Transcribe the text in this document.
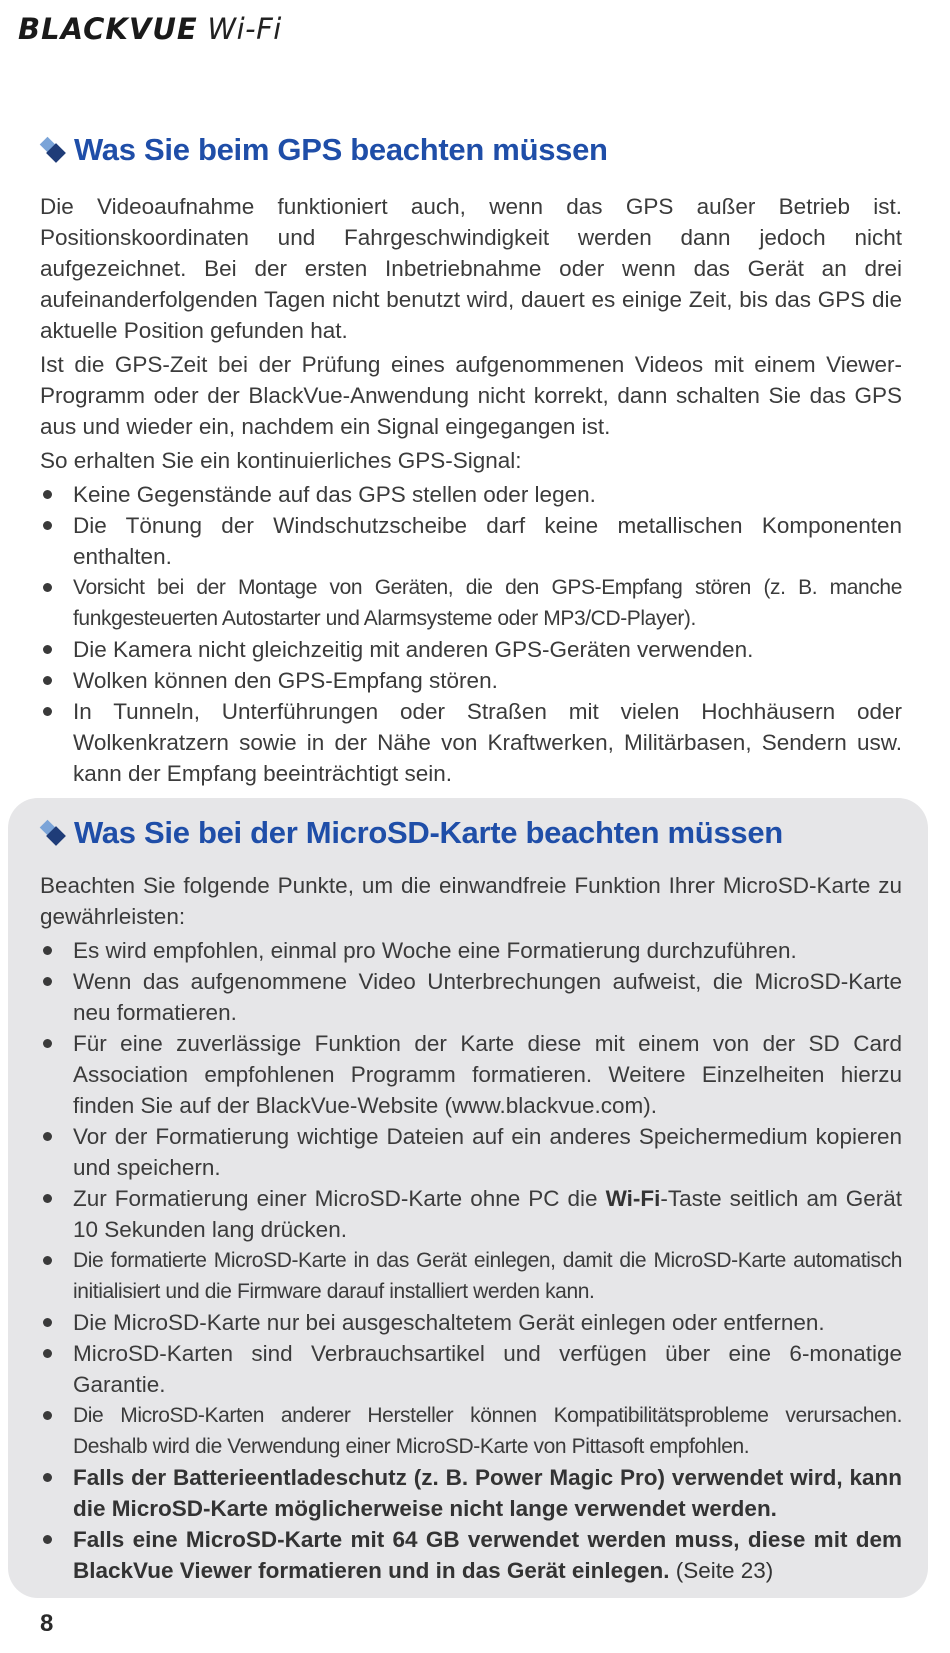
BLACKVUE Wi-Fi
Was Sie beim GPS beachten müssen

Die Videoaufnahme funktioniert auch, wenn das GPS außer Betrieb ist. Positionskoordinaten und Fahrgeschwindigkeit werden dann jedoch nicht aufgezeichnet. Bei der ersten Inbetriebnahme oder wenn das Gerät an drei aufeinanderfolgenden Tagen nicht benutzt wird, dauert es einige Zeit, bis das GPS die aktuelle Position gefunden hat.

Ist die GPS-Zeit bei der Prüfung eines aufgenommenen Videos mit einem Viewer-Programm oder der BlackVue-Anwendung nicht korrekt, dann schalten Sie das GPS aus und wieder ein, nachdem ein Signal eingegangen ist.

So erhalten Sie ein kontinuierliches GPS-Signal:

Keine Gegenstände auf das GPS stellen oder legen.
Die Tönung der Windschutzscheibe darf keine metallischen Komponenten enthalten.
Vorsicht bei der Montage von Geräten, die den GPS-Empfang stören (z. B. manche funkgesteuerten Autostarter und Alarmsysteme oder MP3/CD-Player).
Die Kamera nicht gleichzeitig mit anderen GPS-Geräten verwenden.
Wolken können den GPS-Empfang stören.
In Tunneln, Unterführungen oder Straßen mit vielen Hochhäusern oder Wolkenkratzern sowie in der Nähe von Kraftwerken, Militärbasen, Sendern usw. kann der Empfang beeinträchtigt sein.
Was Sie bei der MicroSD-Karte beachten müssen

Beachten Sie folgende Punkte, um die einwandfreie Funktion Ihrer MicroSD-Karte zu gewährleisten:

Es wird empfohlen, einmal pro Woche eine Formatierung durchzuführen.
Wenn das aufgenommene Video Unterbrechungen aufweist, die MicroSD-Karte neu formatieren.
Für eine zuverlässige Funktion der Karte diese mit einem von der SD Card Association empfohlenen Programm formatieren. Weitere Einzelheiten hierzu finden Sie auf der BlackVue-Website (www.blackvue.com).
Vor der Formatierung wichtige Dateien auf ein anderes Speichermedium kopieren und speichern.
Zur Formatierung einer MicroSD-Karte ohne PC die Wi-Fi-Taste seitlich am Gerät 10 Sekunden lang drücken.
Die formatierte MicroSD-Karte in das Gerät einlegen, damit die MicroSD-Karte automatisch initialisiert und die Firmware darauf installiert werden kann.
Die MicroSD-Karte nur bei ausgeschaltetem Gerät einlegen oder entfernen.
MicroSD-Karten sind Verbrauchsartikel und verfügen über eine 6-monatige Garantie.
Die MicroSD-Karten anderer Hersteller können Kompatibilitätsprobleme verursachen. Deshalb wird die Verwendung einer MicroSD-Karte von Pittasoft empfohlen.
Falls der Batterieentladeschutz (z. B. Power Magic Pro) verwendet wird, kann die MicroSD-Karte möglicherweise nicht lange verwendet werden.
Falls eine MicroSD-Karte mit 64 GB verwendet werden muss, diese mit dem BlackVue Viewer formatieren und in das Gerät einlegen. (Seite 23)
8
